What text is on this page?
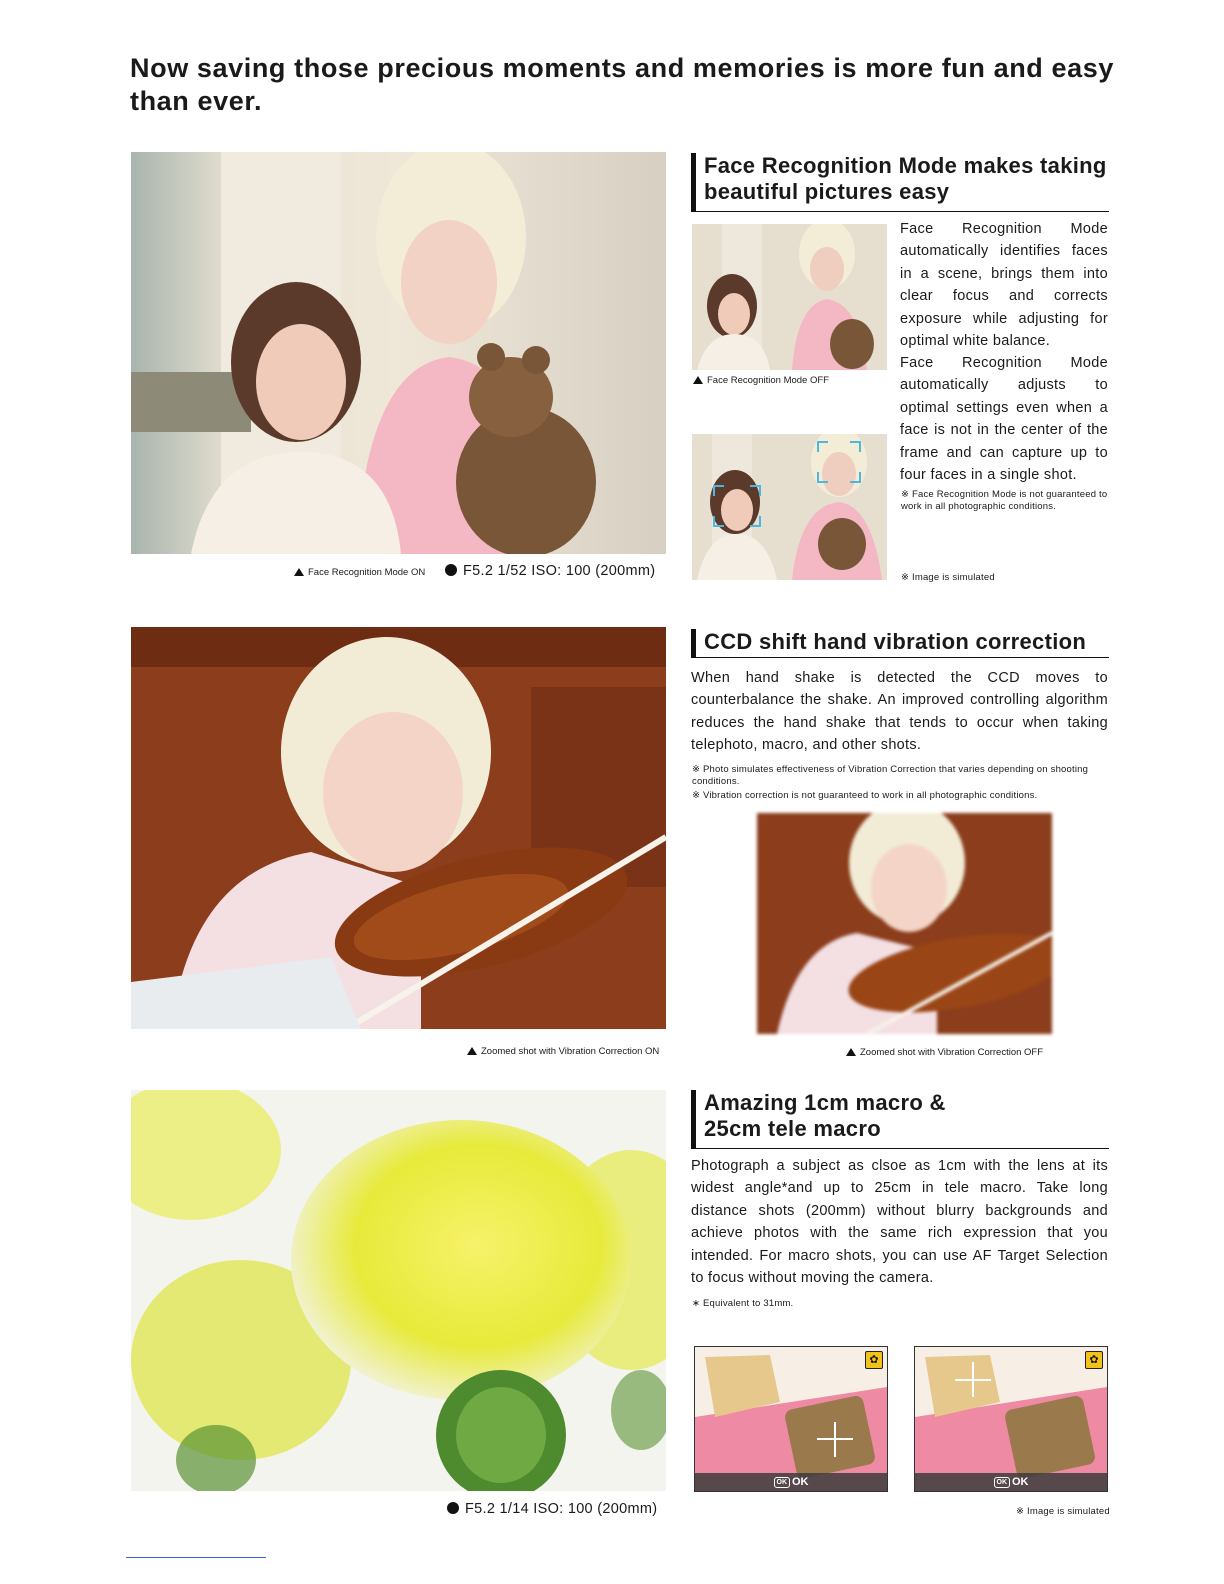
Now saving those precious moments and memories is more fun and easy than ever.
Face Recognition Mode ON	F5.2 1/52 ISO: 100 (200mm)
Face Recognition Mode makes taking beautiful pictures easy
Face Recognition Mode OFF
Face Recognition Mode automatically identifies faces in a scene, brings them into clear focus and corrects exposure while adjusting for optimal white balance.
Face Recognition Mode automatically adjusts to optimal settings even when a face is not in the center of the frame and can capture up to four faces in a single shot.
※ Face Recognition Mode is not guaranteed to work in all photographic conditions.
※ Image is simulated
Zoomed shot with Vibration Correction ON
CCD shift hand vibration correction
When hand shake is detected the CCD moves to counterbalance the shake. An improved controlling algorithm reduces the hand shake that tends to occur when taking telephoto, macro, and other shots.
※ Photo simulates effectiveness of Vibration Correction that varies depending on shooting conditions.
※ Vibration correction is not guaranteed to work in all photographic conditions.
Zoomed shot with Vibration Correction OFF
F5.2 1/14 ISO: 100 (200mm)
Amazing 1cm macro &
25cm tele macro
Photograph a subject as clsoe as 1cm with the lens at its widest angle*and up to 25cm in tele macro. Take long distance shots (200mm) without blurry backgrounds and achieve photos with the same rich expression that you intended. For macro shots, you can use AF Target Selection to focus without moving the camera.
∗ Equivalent to 31mm.
✿
OK OK
✿
OK OK
※ Image is simulated
